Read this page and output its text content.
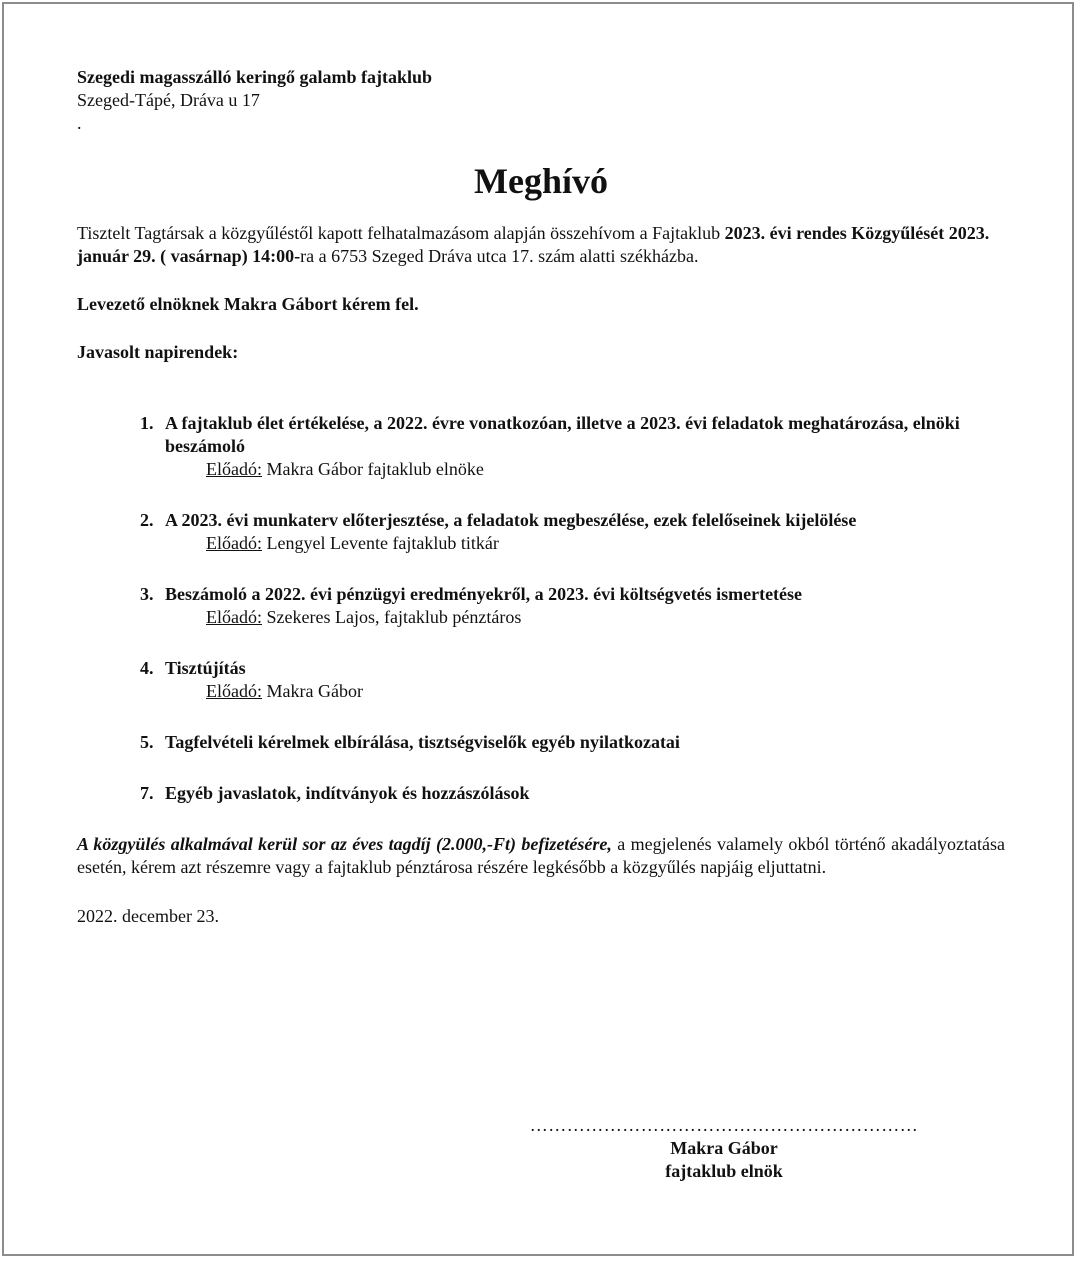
Szegedi magasszálló keringő galamb fajtaklub
Szeged-Tápé, Dráva u 17
.
Meghívó
Tisztelt Tagtársak a közgyűléstől kapott felhatalmazásom alapján összehívom a Fajtaklub 2023. évi rendes Közgyűlését 2023. január 29. ( vasárnap) 14:00-ra a 6753 Szeged Dráva utca 17. szám alatti székházba.
Levezető elnöknek Makra Gábort kérem fel.
Javasolt napirendek:
1. A fajtaklub élet értékelése, a 2022. évre vonatkozóan, illetve a 2023. évi feladatok meghatározása, elnöki beszámoló
Előadó: Makra Gábor fajtaklub elnöke
2. A 2023. évi munkaterv előterjesztése, a feladatok megbeszélése, ezek felelőseinek kijelölése
Előadó: Lengyel Levente fajtaklub titkár
3. Beszámoló a 2022. évi pénzügyi eredményekről, a 2023. évi költségvetés ismertetése
Előadó: Szekeres Lajos, fajtaklub pénztáros
4. Tisztújítás
Előadó: Makra Gábor
5. Tagfelvételi kérelmek elbírálása, tisztségviselők egyéb nyilatkozatai
7. Egyéb javaslatok, indítványok és hozzászólások
A közgyülés alkalmával kerül sor az éves tagdíj (2.000,-Ft) befizetésére, a megjelenés valamely okból történő akadályoztatása esetén, kérem azt részemre vagy a fajtaklub pénztárosa részére legkésőbb a közgyűlés napjáig eljuttatni.
2022. december 23.
………………………………………………………
Makra Gábor
fajtaklub elnök
